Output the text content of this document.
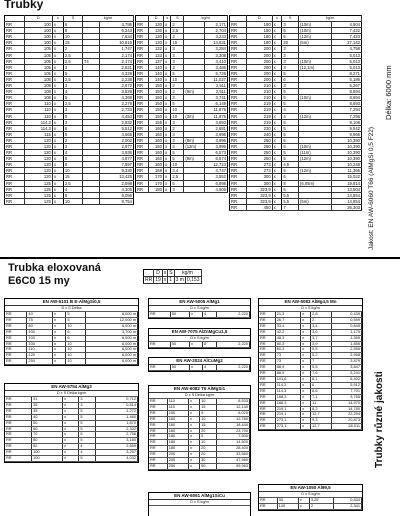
Trubky
	D	x	S	kg/m	
RR	100	x	6		4,786
RR	100	x	8		6,243
RR	100	x	10		7,634
RR	100	x	15		10,816
RR	105	x	2		1,747
RR	105	x	2,5		2,174
RR	105	x	2,5	T4	2,174
RR	105	x	3		2,621
RR	105	x	5		4,328
RR	108	x	2,5		2,238
RR	108	x	3		2,672
RR	108	x	4		3,529
RR	108	x	5		4,368
RR	110	x	2,5		2,279
RR	110	x	3		2,733
RR	110	x	5		4,453
RR	114,3	x	3		2,832
RR	114,3	x	6		5,512
RR	115	x	5		4,665
RR	120	x	2		2,002
RR	120	x	3		2,977
RR	120	x	4		3,936
RR	120	x	5		4,877
RR	120	x	8		7,597
RR	120	x	10		9,330
RR	120	x	15		13,425
RR	125	x	2,5		2,598
RR	125	x	4		4,105
RR	125	x	6		6,056
RR	125	x	10		9,754
	D	x	S	kg/m	
RR	130	x	2		2,171
RR	130	x	2,5		2,704
RR	130	x	3		3,233
RR	130	x	15		14,631
RR	132	x	3		3,284
RR	133	x	3		3,308
RR	137	x	3		3,410
RR	140	x	3		3,486
RR	140	x	5		5,726
RR	140	x	10		11,027
RR	150	x	2		2,511
RR	150	x	2	(9m)	2,511
RR	150	x	3		3,741
RR	150	x	5		6,149
RR	150	x	10		11,875
RR	150	x	10	(3m)	11,875
RR	155	x	3		3,893
RR	160	x	2		2,681
RR	160	x	3		3,996
RR	160	x	3	(8m)	3,996
RR	160	x	3	(12m)	3,996
RR	160	x	5		6,573
RR	160	x	5	(9m)	6,574
RR	160	x	10		12,723
RR	168	x	3,4		4,747
RR	170	x	2,5		3,552
RR	170	x	5		6,998
RR	180	x	3		4,505
	D	x	S	kg/m	
RR	180	x	3	(10m)	4,504
RR	180	x	5	(10m)	7,422
RR	180	x	5	(12m)	7,423
RR	180	x	20	(5m)	27,142
RR	200	x	3		4,758
RR	200	x	3		5,013
RR	200	x	3	(10m)	5,013
RR	200	x	3	(12,1m)	5,013
RR	200	x	5		8,271
RR	200	x	6		5,186
RR	210	x	3		5,267
RR	210	x	5		8,694
RR	210	x	5	(10m)	8,694
RR	219	x	5		8,693
RR	219	x	4		7,294
RR	219	x	4	(12m)	7,296
RR	219	x	5		9,108
RR	230	x	5		9,542
RR	240	x	5		9,966
RR	250	x	5		10,390
RR	250	x	5	(10m)	10,390
RR	250	x	5	(11m)	10,390
RR	250	x	5	(12m)	10,390
RR	273	x	4,5		10,248
RR	273	x	5	(12m)	11,366
RR	300	x	6		15,022
RR	300	x	8	(6,05m)	19,814
RR	323,9	x	5		13,504
RR	323,9	x	5,5		14,854
RR	323,9	x	5,5	(5m)	14,854
RR	450	x	7		26,303 Jakost: EN AW-6060 T66 (AlMgSi 0,5 F22)
Délka: 6000 mm
Trubka eloxovaná
E6C0 15 my
	D	x	S	kg/m	
RR	19	x	1	3 m	0,153
EN AW-6101 B E-AlMgSi0,5
D x S Délka
RR	40	x	5	6,000 m
RR	75	x	5	12,000 m
RR	80	x	10	6,000 m
RR	100	x	6	3,700 m
RR	100	x	6	6,000 m
RR	100	x	10	6,000 m
RR	110	x	10	6,000 m
RR	120	x	10	6,000 m
RR	250	x	10	6,000 m
EN AW-5005 AlMg1
D x S kg/m
RR	50	x	4	2,220
EN AW-7075 AlZnMgCu1,5
D x S kg/m
RR	50	x	6	2,220
EN AW-2024 AlCuMg2
RR	50	x	4	2,220
EN AW-6082 T6 AlMgSi1
D x S Délka kg/m
RR	110	x	10	8,533
RR	110	x	15	12,140
RR	150	x	5	6,020
RR	160	x	10	12,780
RR	160	x	15	18,440
RR	160	x	20	23,700
RR	180	x	5	7,500
RR	180	x	10	14,500
RR	180	x	20	28,400
RR	200	x	20	33,560
RR	200	x	30	47,980
RR	250	x	50	99,963
EN AW-5754 AlMg3
D x S Délka kg/m
RR	31	x	3	0,712
RR	35	x	3	0,814
RR	35	x	5	1,272
RR	40	x	5	1,460
RR	50	x	5	1,870
RR	60	x	5	2,332
RR	70	x	5	2,756
RR	80	x	5	3,180
RR	82	x	4	2,659
RR	100	x	4	3,257
RR	100	x	5	4,032
EN AW-6061 AlMg1SiCu
D x S kg/m
EN AW-5083 AlMg4,5 Mn
D x S kg/m
RR	21,3	x	2,8	0,439
RR	26,7	x	2	0,599
RR	33,4	x	3,4	0,845
RR	42,2	x	3,6	1,179
RR	48,3	x	3,7	1,399
RR	60,3	x	3,9	1,856
RR	60,3	x	5,5	2,556
RR	73	x	5,2	2,958
RR	73	x	7	3,879
RR	88,9	x	5,5	3,847
RR	88,9	x	7,6	5,241
RR	101,6	x	8,1	6,402
RR	114,3	x	6	5,512
RR	114,3	x	8,6	7,701
RR	168,3	x	7,1	9,765
RR	168,3	x	11	14,970
RR	219,1	x	8,2	14,780
RR	219,1	x	12,7	22,294
RR	273,1	x	9,3	20,873
RR	273,1	x	12,7	28,011
EN AW-1050 Al99,5
D x S kg/m
RR	30	x	3,25	0,834
RR	140	x	2	2,341
Trubky různé jakosti
